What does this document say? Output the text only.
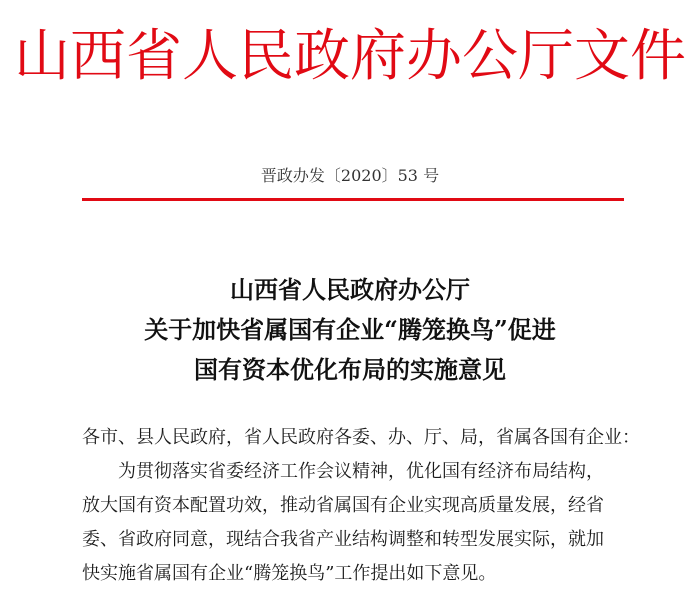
山西省人民政府办公厅文件
晋政办发〔2020〕53 号
山西省人民政府办公厅
关于加快省属国有企业“腾笼换鸟”促进
国有资本优化布局的实施意见

各市、县人民政府，省人民政府各委、办、厅、局，省属各国有企业：

为贯彻落实省委经济工作会议精神，优化国有经济布局结构，

放大国有资本配置功效，推动省属国有企业实现高质量发展，经省

委、省政府同意，现结合我省产业结构调整和转型发展实际，就加

快实施省属国有企业“腾笼换鸟”工作提出如下意见。
